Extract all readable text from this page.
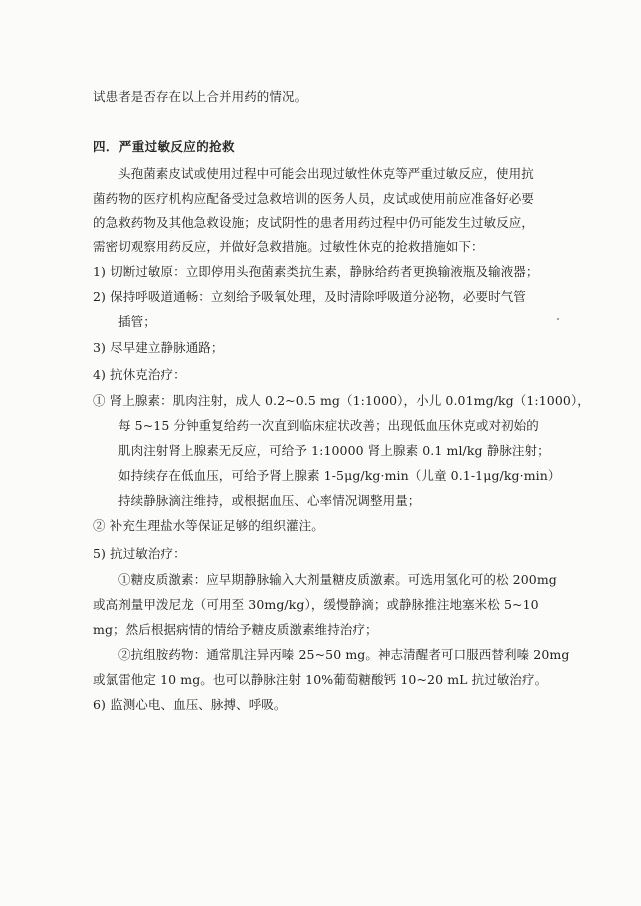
试患者是否存在以上合并用药的情况。
四．严重过敏反应的抢救
头孢菌素皮试或使用过程中可能会出现过敏性休克等严重过敏反应，使用抗
菌药物的医疗机构应配备受过急救培训的医务人员，皮试或使用前应准备好必要
的急救药物及其他急救设施；皮试阴性的患者用药过程中仍可能发生过敏反应，
需密切观察用药反应，并做好急救措施。过敏性休克的抢救措施如下：
1) 切断过敏原：立即停用头孢菌素类抗生素，静脉给药者更换输液瓶及输液器；
2) 保持呼吸道通畅：立刻给予吸氧处理，及时清除呼吸道分泌物，必要时气管
插管；
3) 尽早建立静脉通路；
4) 抗休克治疗：
① 肾上腺素：肌肉注射，成人 0.2~0.5 mg（1:1000），小儿 0.01mg/kg（1:1000），
每 5~15 分钟重复给药一次直到临床症状改善；出现低血压休克或对初始的
肌肉注射肾上腺素无反应，可给予 1:10000 肾上腺素 0.1 ml/kg 静脉注射；
如持续存在低血压，可给予肾上腺素 1-5μg/kg·min（儿童 0.1-1μg/kg·min）
持续静脉滴注维持，或根据血压、心率情况调整用量；
② 补充生理盐水等保证足够的组织灌注。
5) 抗过敏治疗：
①糖皮质激素：应早期静脉输入大剂量糖皮质激素。可选用氢化可的松 200mg
或高剂量甲泼尼龙（可用至 30mg/kg），缓慢静滴；或静脉推注地塞米松 5~10
mg；然后根据病情的情给予糖皮质激素维持治疗；
②抗组胺药物：通常肌注异丙嗪 25~50 mg。神志清醒者可口服西替利嗪 20mg
或氯雷他定 10 mg。也可以静脉注射 10%葡萄糖酸钙 10~20 mL 抗过敏治疗。
6) 监测心电、血压、脉搏、呼吸。
